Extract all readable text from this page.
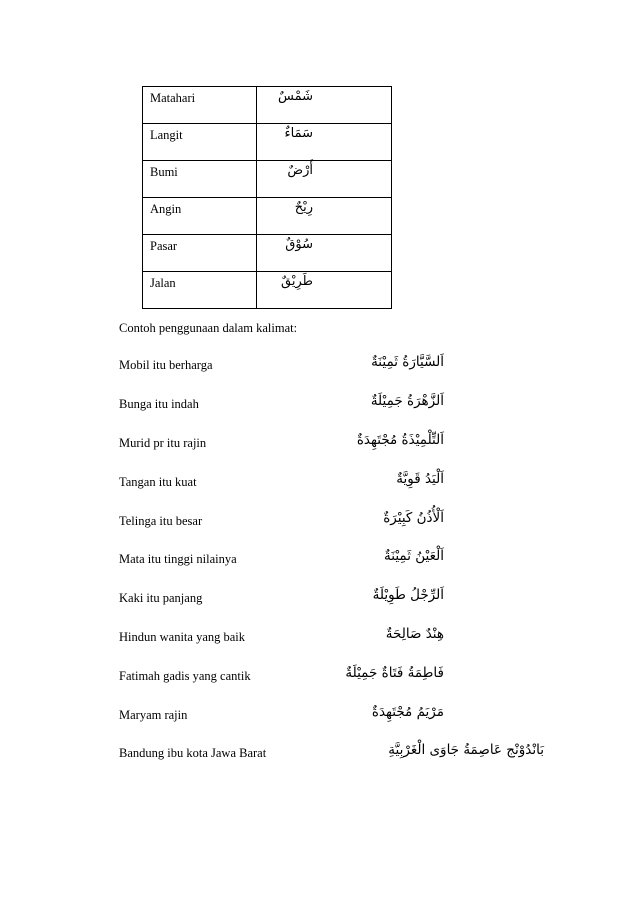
Matahari	شَمْسٌ
Langit	سَمَاءٌ
Bumi	أَرْضٌ
Angin	رِيْحٌ
Pasar	سُوْقٌ
Jalan	طَرِيْقٌ

Contoh penggunaan dalam kalimat:

Mobil itu berharga	اَلسَّيَّارَةُ ثَمِيْنَةٌ
Bunga itu indah	اَلزَّهْرَةُ جَمِيْلَةٌ
Murid pr itu rajin	اَلتِّلْمِيْذَةُ مُجْتَهِدَةٌ
Tangan itu kuat	اَلْيَدُ قَوِيَّةٌ
Telinga itu besar	اَلْأُذُنُ كَبِيْرَةٌ
Mata itu tinggi nilainya	اَلْعَيْنُ ثَمِيْنَةٌ
Kaki itu panjang	اَلرِّجْلُ طَوِيْلَةٌ
Hindun wanita yang baik	هِنْدٌ صَالِحَةٌ
Fatimah gadis yang cantik	فَاطِمَةُ فَتَاةٌ جَمِيْلَةٌ
Maryam rajin	مَرْيَمُ مُجْتَهِدَةٌ
Bandung ibu kota Jawa Barat	بَانْدُوْنْج عَاصِمَةُ جَاوَى الْغَرْبِيَّةِ
